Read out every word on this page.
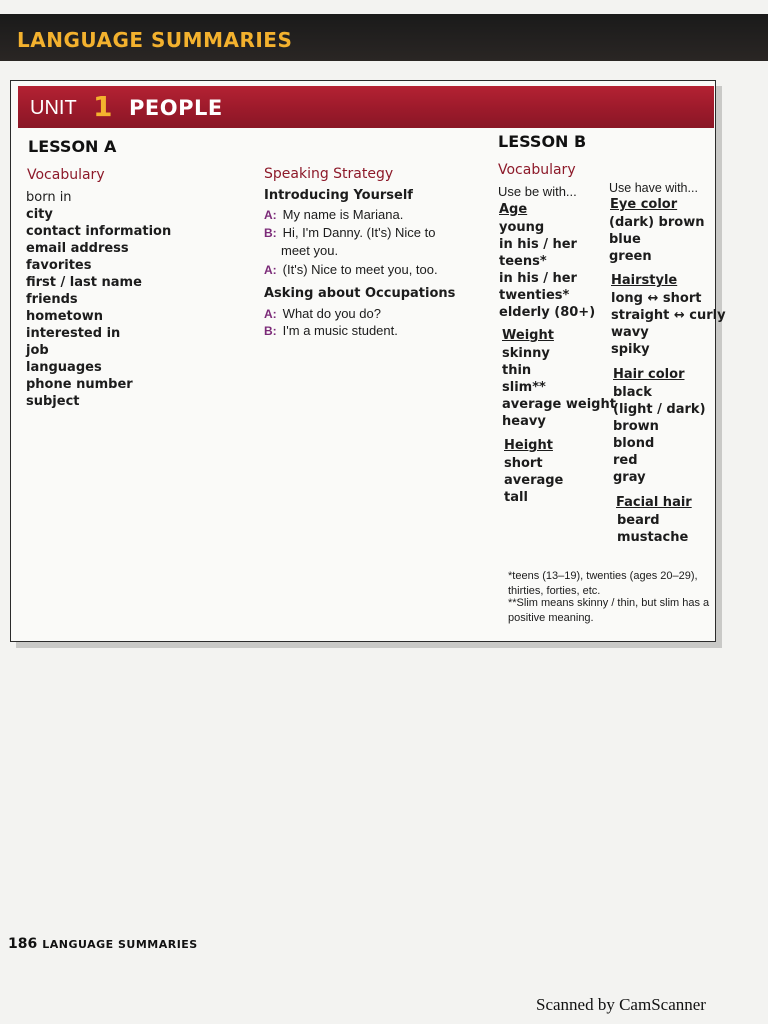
LANGUAGE SUMMARIES
UNIT 1 PEOPLE
LESSON A
Vocabulary
born in
city
contact information
email address
favorites
first / last name
friends
hometown
interested in
job
languages
phone number
subject
Speaking Strategy
Introducing Yourself
A: My name is Mariana.
B: Hi, I'm Danny. (It's) Nice to
meet you.
A: (It's) Nice to meet you, too.
Asking about Occupations
A: What do you do?
B: I'm a music student.
LESSON B
Vocabulary
Use be with...
Age
young
in his / her
teens*
in his / her
twenties*
elderly (80+)
Weight
skinny
thin
slim**
average weight
heavy
Height
short
average
tall
Use have with...
Eye color
(dark) brown
blue
green
Hairstyle
long ↔ short
straight ↔ curly
wavy
spiky
Hair color
black
(light / dark)
brown
blond
red
gray
Facial hair
beard
mustache
*teens (13–19), twenties (ages 20–29), thirties, forties, etc.
**Slim means skinny / thin, but slim has a positive meaning.
186 LANGUAGE SUMMARIES
Scanned by CamScanner
